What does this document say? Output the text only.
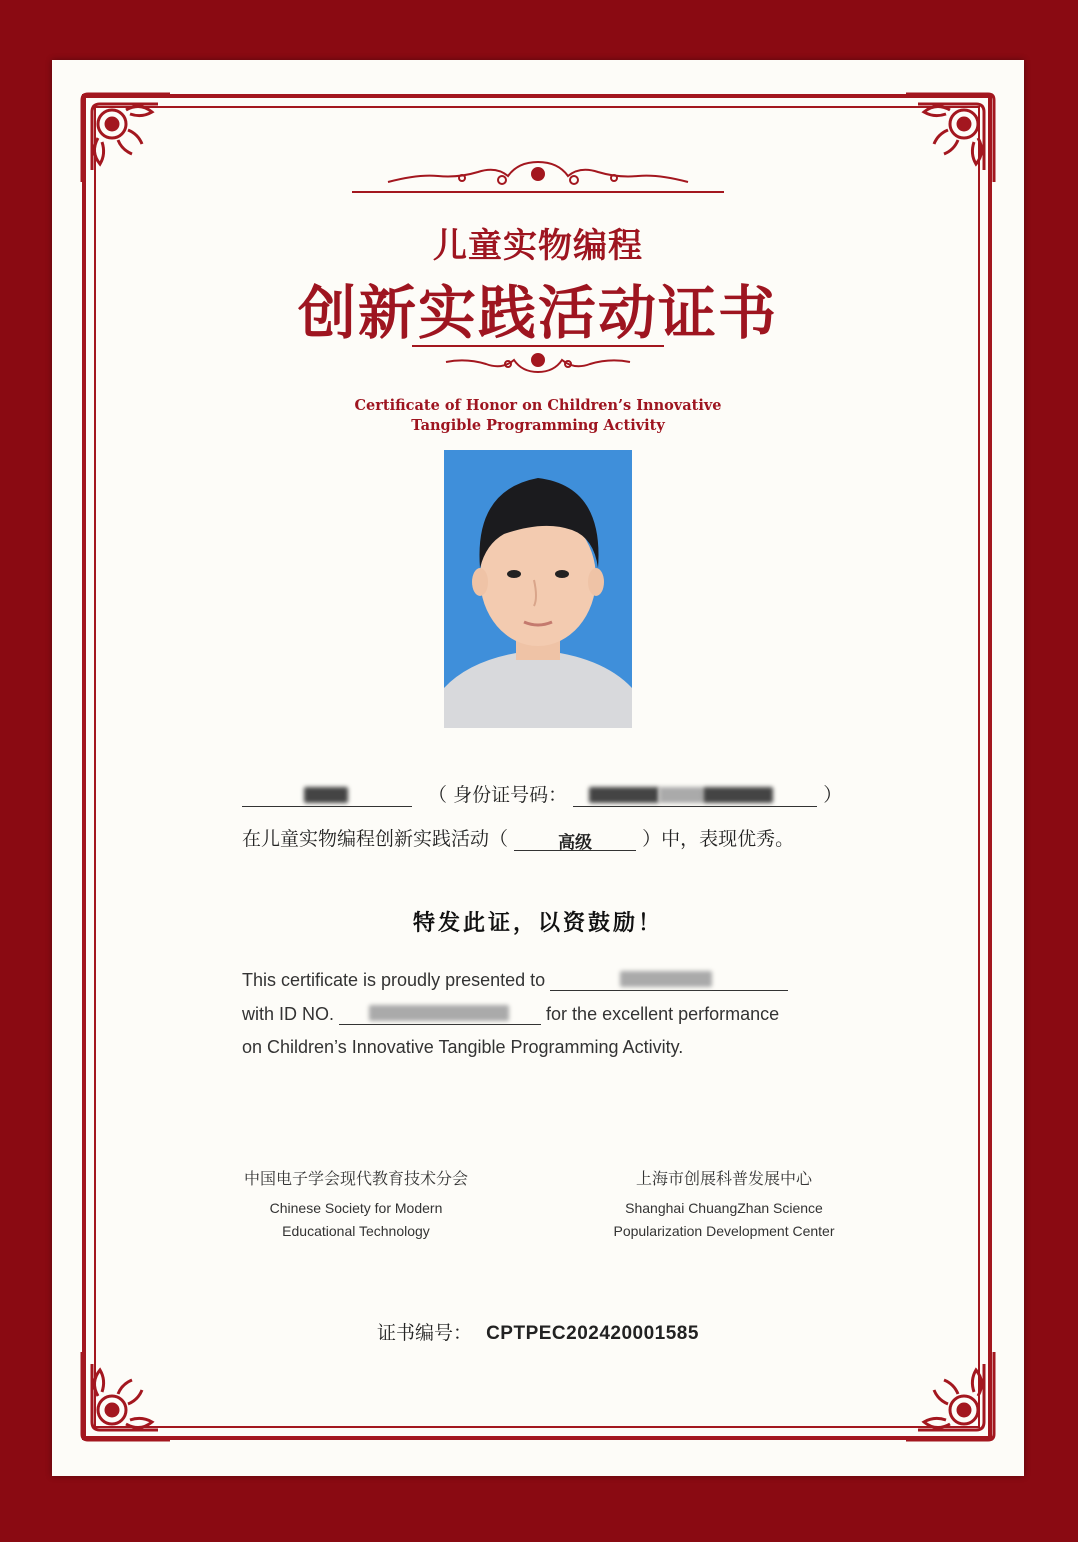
儿童实物编程
创新实践活动证书
Certificate of Honor on Children’s Innovative
Tangible Programming Activity
（ 身份证号码：	）
在儿童实物编程创新实践活动（	高级	）中，表现优秀。
特发此证，以资鼓励！
This certificate is proudly presented to
with ID NO.	for the excellent performance
on Children’s Innovative Tangible Programming Activity.
中国电子学会现代教育技术分会
Chinese Society for Modern
Educational Technology
上海市创展科普发展中心
Shanghai ChuangZhan Science
Popularization Development Center
证书编号： CPTPEC202420001585
